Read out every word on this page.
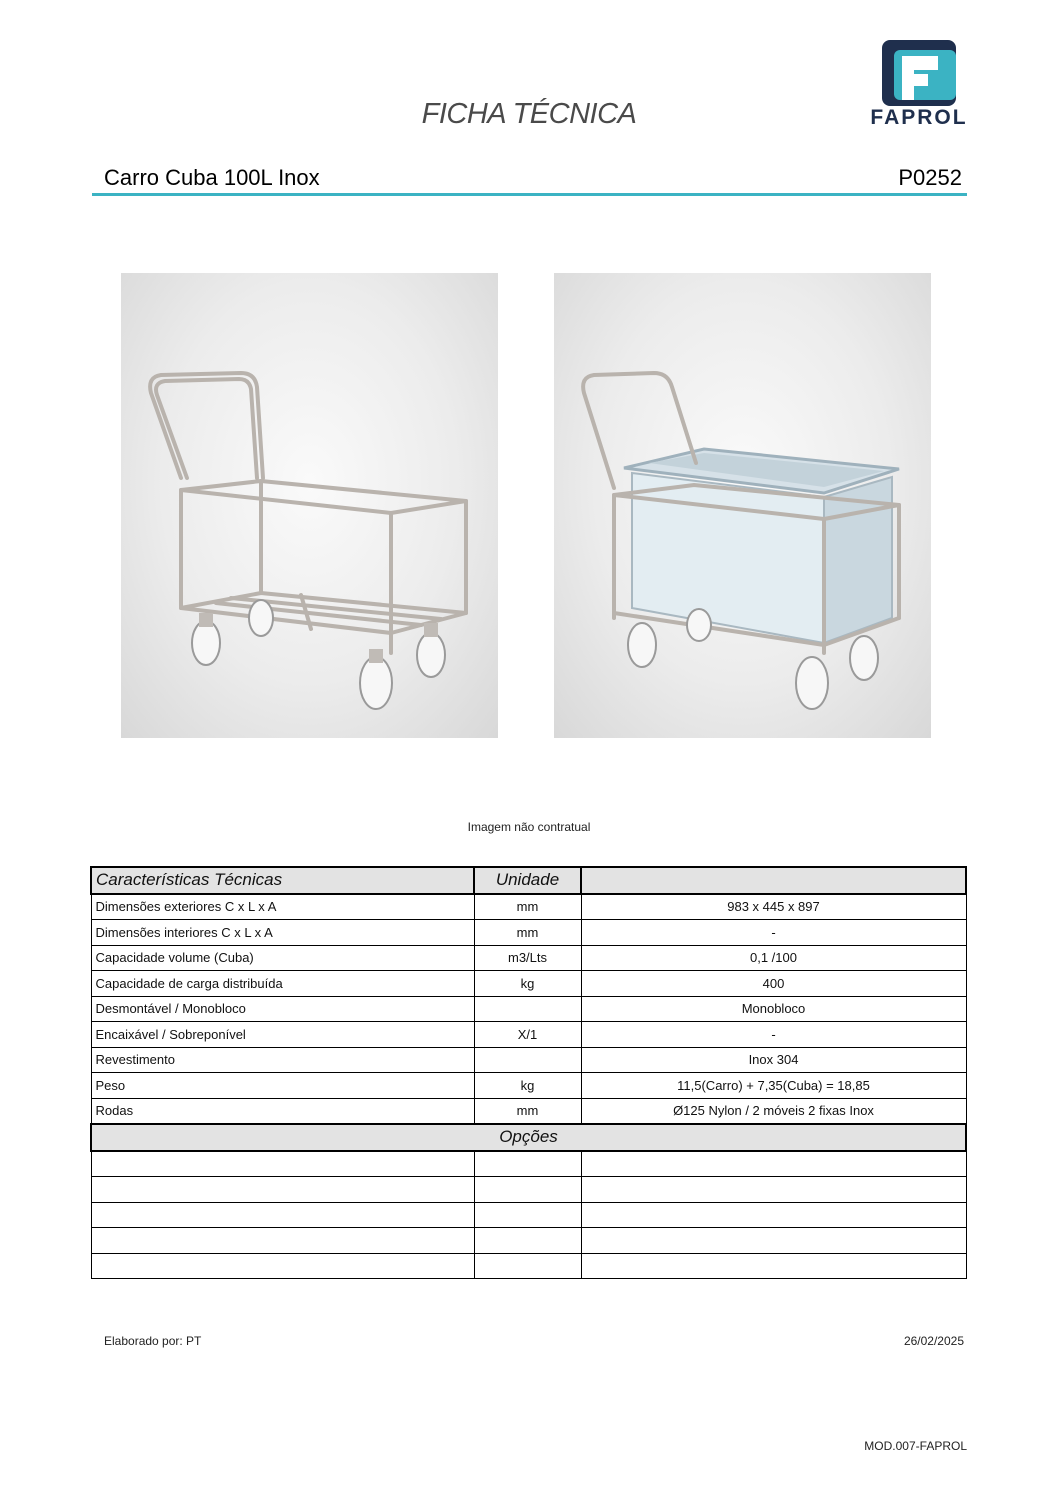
FICHA TÉCNICA	FAPROL
Carro Cuba 100L Inox	P0252
Imagem não contratual
Características Técnicas	Unidade	
Dimensões exteriores C x L x A	mm	983 x 445 x 897
Dimensões interiores C x L x A	mm	-
Capacidade volume (Cuba)	m3/Lts	0,1 /100
Capacidade de carga distribuída	kg	400
Desmontável / Monobloco		Monobloco
Encaixável / Sobreponível	X/1	-
Revestimento		Inox 304
Peso	kg	11,5(Carro) + 7,35(Cuba) = 18,85
Rodas	mm	Ø125 Nylon / 2 móveis 2 fixas Inox
Opções		

Elaborado por: PT	26/02/2025
MOD.007-FAPROL
